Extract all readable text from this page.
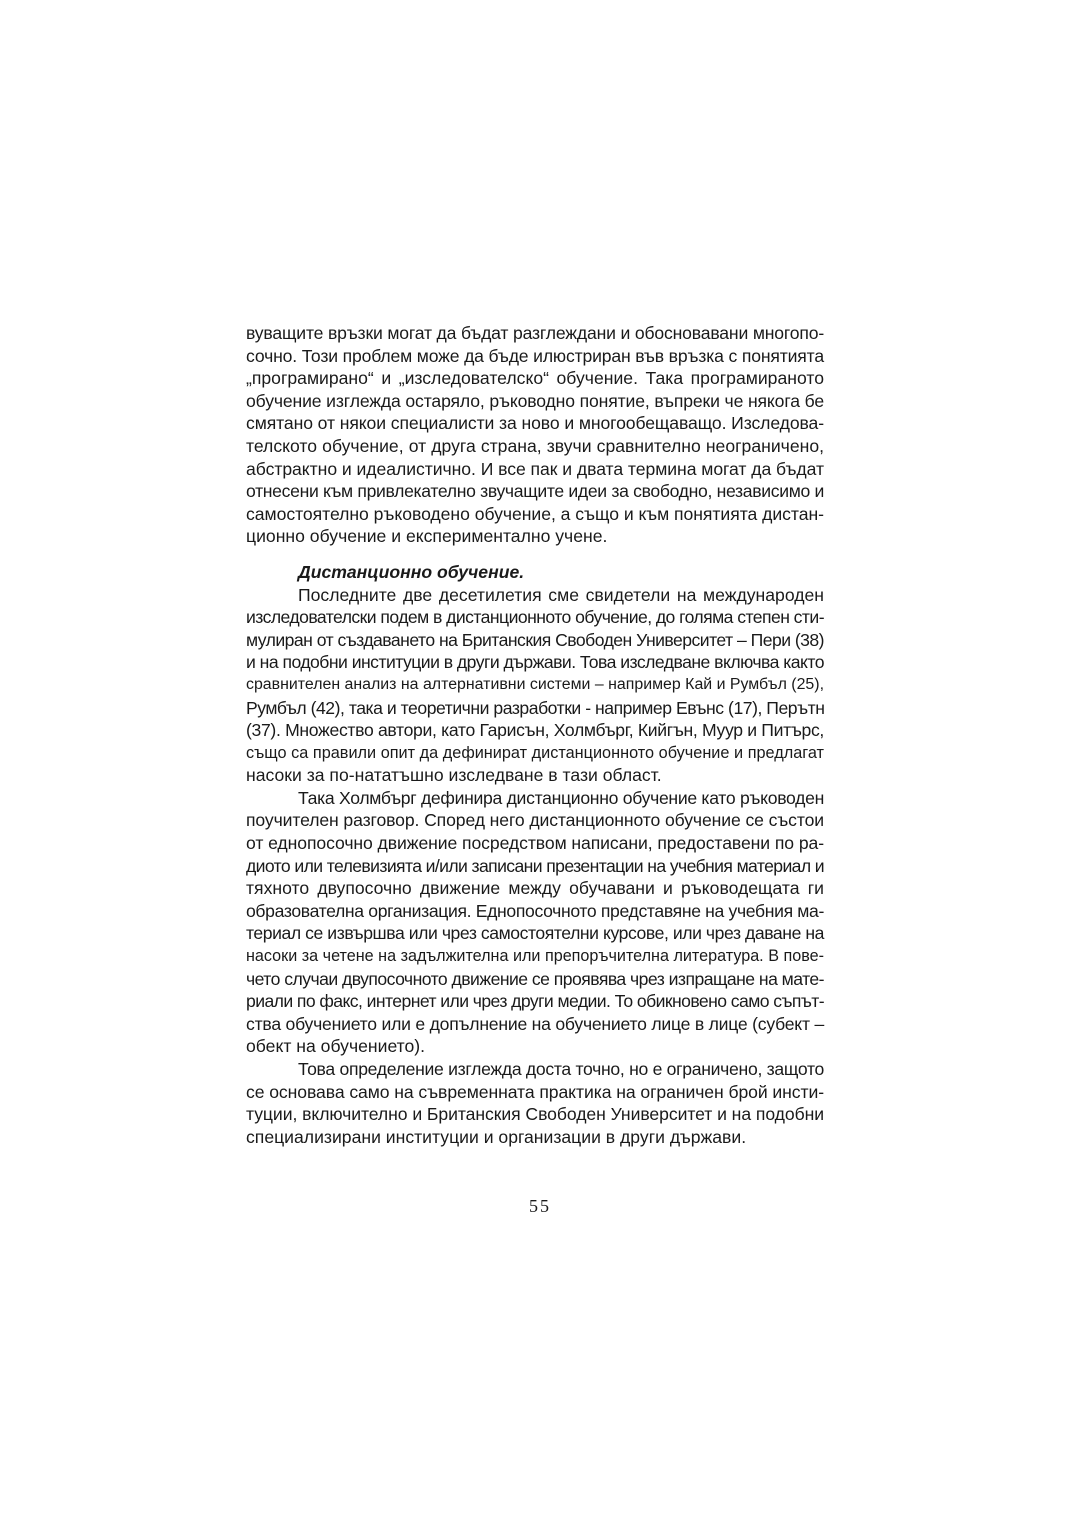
вуващите връзки могат да бъдат разглеждани и обосновавани многопо-
сочно. Този проблем може да бъде илюстриран във връзка с понятията
„програмирано“ и „изследователско“ обучение. Така програмираното
обучение изглежда остаряло, ръководно понятие, въпреки че някога бе
смятано от някои специалисти за ново и многообещаващо. Изследова-
телското обучение, от друга страна, звучи сравнително неограничено,
абстрактно и идеалистично. И все пак и двата термина могат да бъдат
отнесени към привлекателно звучащите идеи за свободно, независимо и
самостоятелно ръководено обучение, а също и към понятията дистан-
ционно обучение и експериментално учене.
Дистанционно обучение.
Последните две десетилетия сме свидетели на международен
изследователски подем в дистанционното обучение, до голяма степен сти-
мулиран от създаването на Британския Свободен Университет – Пери (38)
и на подобни институции в други държави. Това изследване включва както
сравнителен анализ на алтернативни системи – например Кай и Румбъл (25),
Румбъл (42), така и теоретични разработки - например Евънс (17), Перътн
(37). Множество автори, като Гарисън, Холмбърг, Кийгън, Муур и Питърс,
също са правили опит да дефинират дистанционното обучение и предлагат
насоки за по-нататъшно изследване в тази област.
Така Холмбърг дефинира дистанционно обучение като ръководен
поучителен разговор. Според него дистанционното обучение се състои
от еднопосочно движение посредством написани, предоставени по ра-
диото или телевизията и/или записани презентации на учебния материал и
тяхното двупосочно движение между обучавани и ръководещата ги
образователна организация. Еднопосочното представяне на учебния ма-
териал се извършва или чрез самостоятелни курсове, или чрез даване на
насоки за четене на задължителна или препоръчителна литература. В пове-
чето случаи двупосочното движение се проявява чрез изпращане на мате-
риали по факс, интернет или чрез други медии. То обикновено само съпът-
ства обучението или е допълнение на обучението лице в лице (субект –
обект на обучението).
Това определение изглежда доста точно, но е ограничено, защото
се основава само на съвременната практика на ограничен брой инсти-
туции, включително и Британския Свободен Университет и на подобни
специализирани институции и организации в други държави.
55
